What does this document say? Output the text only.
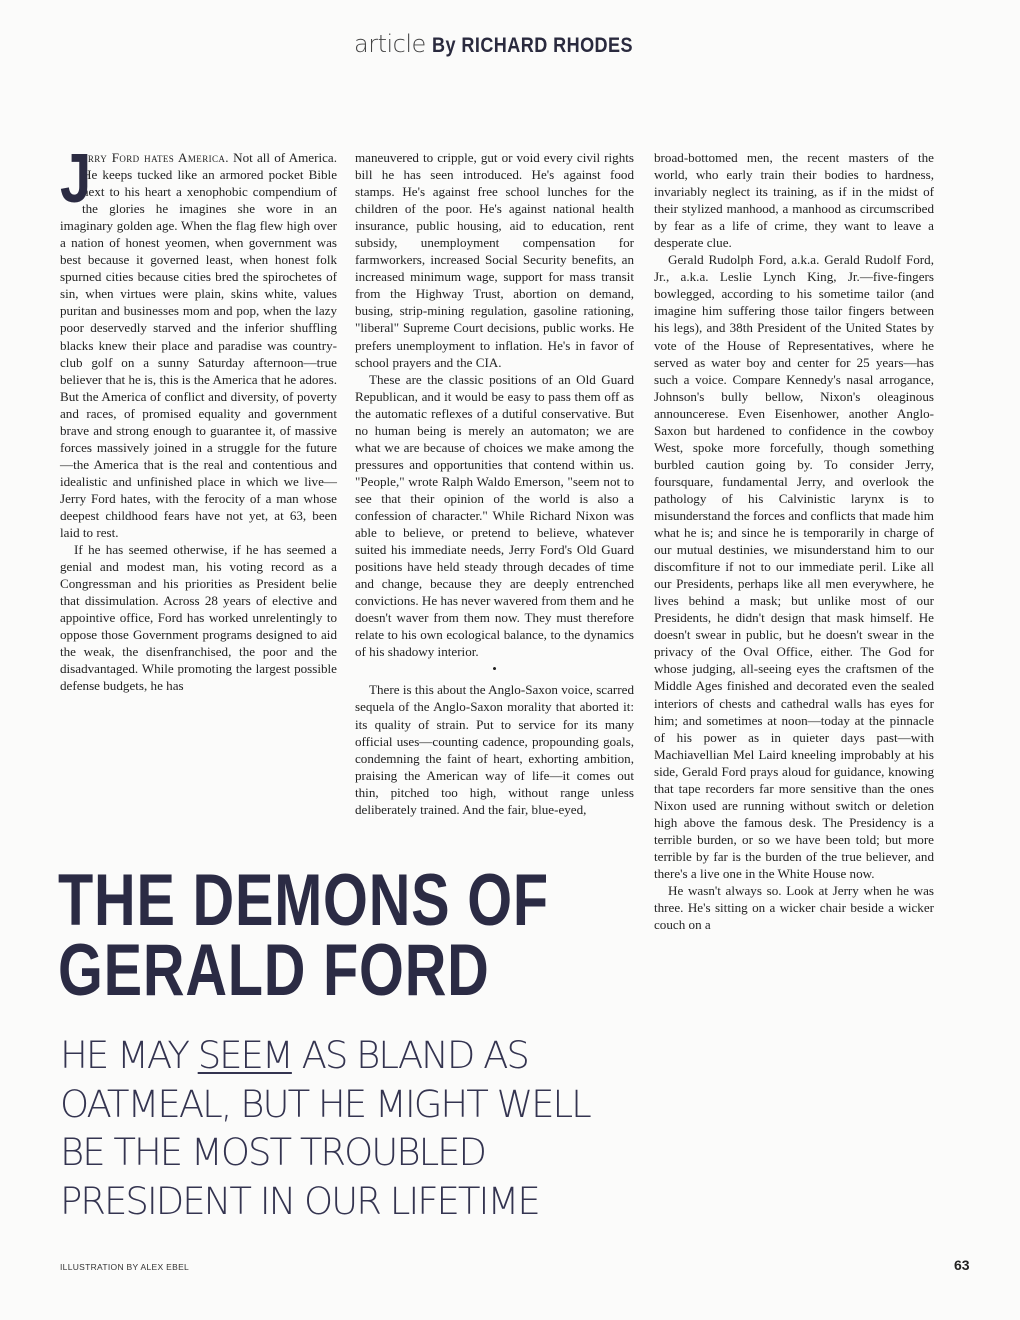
article By RICHARD RHODES

J
erry Ford hates America. Not all of America. He keeps tucked like an armored pocket Bible next to his heart a xenophobic compendium of the glories he imagines she wore in an imaginary golden age. When the flag flew high over a nation of honest yeomen, when government was best because it governed least, when honest folk spurned cities because cities bred the spirochetes of sin, when virtues were plain, skins white, values puritan and businesses mom and pop, when the lazy poor deservedly starved and the inferior shuffling blacks knew their place and paradise was country-club golf on a sunny Saturday afternoon—true believer that he is, this is the America that he adores. But the America of conflict and diversity, of poverty and races, of promised equality and government brave and strong enough to guarantee it, of massive forces massively joined in a struggle for the future—the America that is the real and contentious and idealistic and unfinished place in which we live—Jerry Ford hates, with the ferocity of a man whose deepest childhood fears have not yet, at 63, been laid to rest.

If he has seemed otherwise, if he has seemed a genial and modest man, his voting record as a Congressman and his priorities as President belie that dissimulation. Across 28 years of elective and appointive office, Ford has worked unrelentingly to oppose those Government programs designed to aid the weak, the disenfranchised, the poor and the disadvantaged. While promoting the largest possible defense budgets, he has

maneuvered to cripple, gut or void every civil rights bill he has seen introduced. He's against food stamps. He's against free school lunches for the children of the poor. He's against national health insurance, public housing, aid to education, rent subsidy, unemployment compensation for farmworkers, increased Social Security benefits, an increased minimum wage, support for mass transit from the Highway Trust, abortion on demand, busing, strip-mining regulation, gasoline rationing, "liberal" Supreme Court decisions, public works. He prefers unemployment to inflation. He's in favor of school prayers and the CIA.

These are the classic positions of an Old Guard Republican, and it would be easy to pass them off as the automatic reflexes of a dutiful conservative. But no human being is merely an automaton; we are what we are because of choices we make among the pressures and opportunities that contend within us. "People," wrote Ralph Waldo Emerson, "seem not to see that their opinion of the world is also a confession of character." While Richard Nixon was able to believe, or pretend to believe, whatever suited his immediate needs, Jerry Ford's Old Guard positions have held steady through decades of time and change, because they are deeply entrenched convictions. He has never wavered from them and he doesn't waver from them now. They must therefore relate to his own ecological balance, to the dynamics of his shadowy interior.

•

There is this about the Anglo-Saxon voice, scarred sequela of the Anglo-Saxon morality that aborted it: its quality of strain. Put to service for its many official uses—counting cadence, propounding goals, condemning the faint of heart, exhorting ambition, praising the American way of life—it comes out thin, pitched too high, without range unless deliberately trained. And the fair, blue-eyed,

broad-bottomed men, the recent masters of the world, who early train their bodies to hardness, invariably neglect its training, as if in the midst of their stylized manhood, a manhood as circumscribed by fear as a life of crime, they want to leave a desperate clue.

Gerald Rudolph Ford, a.k.a. Gerald Rudolf Ford, Jr., a.k.a. Leslie Lynch King, Jr.—five-fingers bowlegged, according to his sometime tailor (and imagine him suffering those tailor fingers between his legs), and 38th President of the United States by vote of the House of Representatives, where he served as water boy and center for 25 years—has such a voice. Compare Kennedy's nasal arrogance, Johnson's bully bellow, Nixon's oleaginous announcerese. Even Eisenhower, another Anglo-Saxon but hardened to confidence in the cowboy West, spoke more forcefully, though something burbled caution going by. To consider Jerry, foursquare, fundamental Jerry, and overlook the pathology of his Calvinistic larynx is to misunderstand the forces and conflicts that made him what he is; and since he is temporarily in charge of our mutual destinies, we misunderstand him to our discomfiture if not to our immediate peril. Like all our Presidents, perhaps like all men everywhere, he lives behind a mask; but unlike most of our Presidents, he didn't design that mask himself. He doesn't swear in public, but he doesn't swear in the privacy of the Oval Office, either. The God for whose judging, all-seeing eyes the craftsmen of the Middle Ages finished and decorated even the sealed interiors of chests and cathedral walls has eyes for him; and sometimes at noon—today at the pinnacle of his power as in quieter days past—with Machiavellian Mel Laird kneeling improbably at his side, Gerald Ford prays aloud for guidance, knowing that tape recorders far more sensitive than the ones Nixon used are running without switch or deletion high above the famous desk. The Presidency is a terrible burden, or so we have been told; but more terrible by far is the burden of the true believer, and there's a live one in the White House now.

He wasn't always so. Look at Jerry when he was three. He's sitting on a wicker chair beside a wicker couch on a

THE DEMONS OF
GERALD FORD
HE MAY SEEM AS BLAND AS
OATMEAL, BUT HE MIGHT WELL
BE THE MOST TROUBLED
PRESIDENT IN OUR LIFETIME
ILLUSTRATION BY ALEX EBEL	63
